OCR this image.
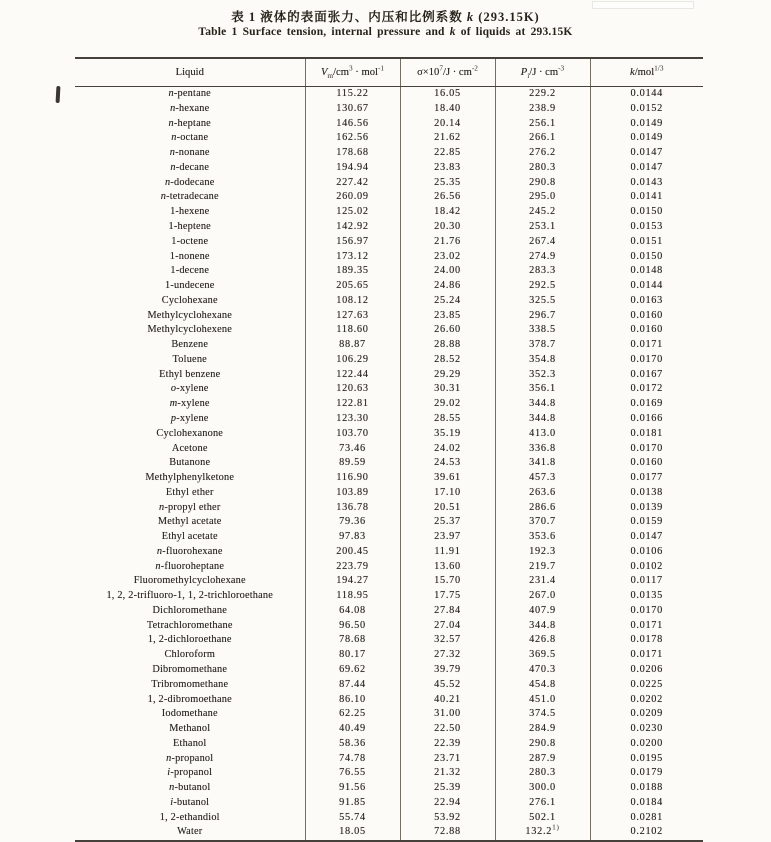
表 1 液体的表面张力、内压和比例系数 k (293.15K)
Table 1 Surface tension, internal pressure and k of liquids at 293.15K
Liquid	$V_m/cm^3 \cdot mol^{-1}$	$\sigma\times 10^7/J \cdot cm^{-2}$	$P_i/J \cdot cm^{-3}$	k/mol$^{1/3}$
n-pentane	115.22	16.05	229.2	0.0144
n-hexane	130.67	18.40	238.9	0.0152
n-heptane	146.56	20.14	256.1	0.0149
n-octane	162.56	21.62	266.1	0.0149
n-nonane	178.68	22.85	276.2	0.0147
n-decane	194.94	23.83	280.3	0.0147
n-dodecane	227.42	25.35	290.8	0.0143
n-tetradecane	260.09	26.56	295.0	0.0141
1-hexene	125.02	18.42	245.2	0.0150
1-heptene	142.92	20.30	253.1	0.0153
1-octene	156.97	21.76	267.4	0.0151
1-nonene	173.12	23.02	274.9	0.0150
1-decene	189.35	24.00	283.3	0.0148
1-undecene	205.65	24.86	292.5	0.0144
Cyclohexane	108.12	25.24	325.5	0.0163
Methylcyclohexane	127.63	23.85	296.7	0.0160
Methylcyclohexene	118.60	26.60	338.5	0.0160
Benzene	88.87	28.88	378.7	0.0171
Toluene	106.29	28.52	354.8	0.0170
Ethyl benzene	122.44	29.29	352.3	0.0167
o-xylene	120.63	30.31	356.1	0.0172
m-xylene	122.81	29.02	344.8	0.0169
p-xylene	123.30	28.55	344.8	0.0166
Cyclohexanone	103.70	35.19	413.0	0.0181
Acetone	73.46	24.02	336.8	0.0170
Butanone	89.59	24.53	341.8	0.0160
Methylphenylketone	116.90	39.61	457.3	0.0177
Ethyl ether	103.89	17.10	263.6	0.0138
n-propyl ether	136.78	20.51	286.6	0.0139
Methyl acetate	79.36	25.37	370.7	0.0159
Ethyl acetate	97.83	23.97	353.6	0.0147
n-fluorohexane	200.45	11.91	192.3	0.0106
n-fluoroheptane	223.79	13.60	219.7	0.0102
Fluoromethylcyclohexane	194.27	15.70	231.4	0.0117
1, 2, 2-trifluoro-1, 1, 2-trichloroethane	118.95	17.75	267.0	0.0135
Dichloromethane	64.08	27.84	407.9	0.0170
Tetrachloromethane	96.50	27.04	344.8	0.0171
1, 2-dichloroethane	78.68	32.57	426.8	0.0178
Chloroform	80.17	27.32	369.5	0.0171
Dibromomethane	69.62	39.79	470.3	0.0206
Tribromomethane	87.44	45.52	454.8	0.0225
1, 2-dibromoethane	86.10	40.21	451.0	0.0202
Iodomethane	62.25	31.00	374.5	0.0209
Methanol	40.49	22.50	284.9	0.0230
Ethanol	58.36	22.39	290.8	0.0200
n-propanol	74.78	23.71	287.9	0.0195
i-propanol	76.55	21.32	280.3	0.0179
n-butanol	91.56	25.39	300.0	0.0188
i-butanol	91.85	22.94	276.1	0.0184
1, 2-ethandiol	55.74	53.92	502.1	0.0281
Water	18.05	72.88	132.2$^{1)}$	0.2102
